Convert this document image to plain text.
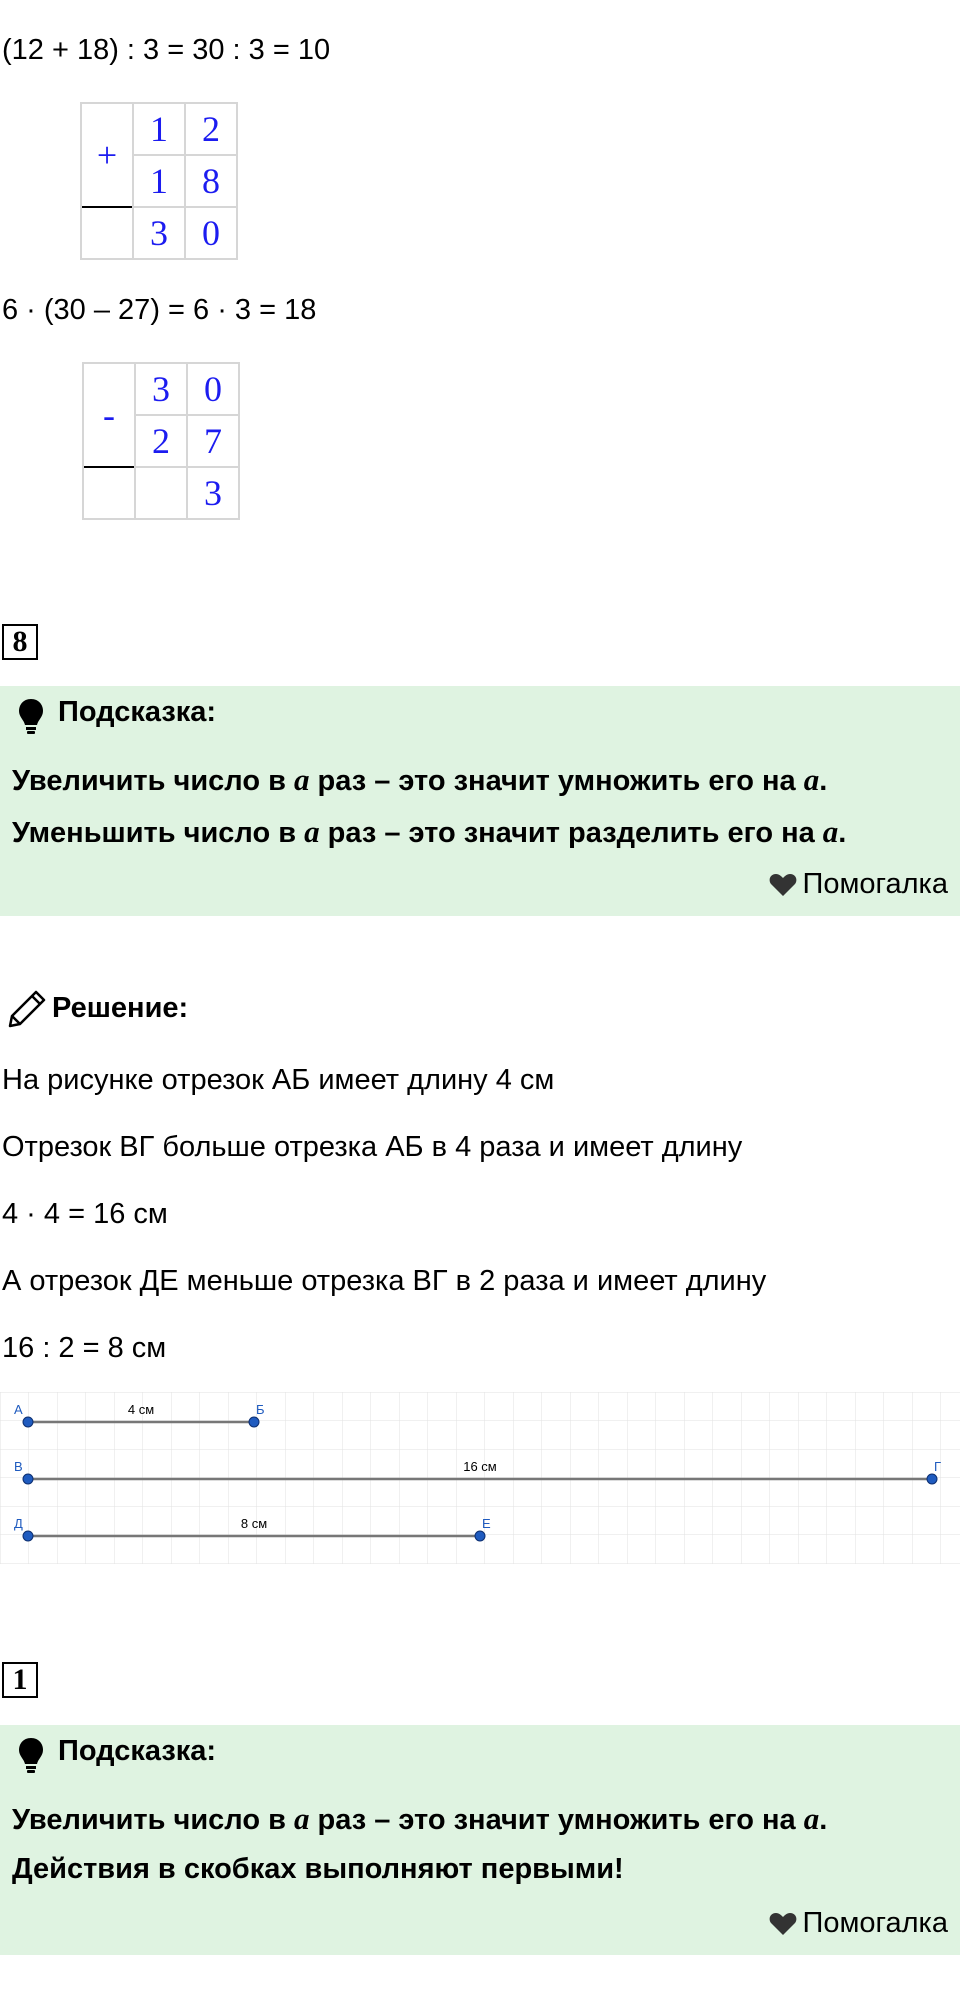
(12 + 18) : 3 = 30 : 3 = 10
+	1	2
	1	8
	3	0
6 · (30 – 27) = 6 · 3 = 18
-	3	0
	2	7
		3
8
Подсказка:
Увеличить число в a раз – это значит умножить его на a.
Уменьшить число в a раз – это значит разделить его на a.
Помогалка
Решение:
На рисунке отрезок АБ имеет длину 4 см
Отрезок ВГ больше отрезка АБ в 4 раза и имеет длину
4 · 4 = 16 см
А отрезок ДЕ меньше отрезка ВГ в 2 раза и имеет длину
16 : 2 = 8 см
А	Б
4 см
В	Г
16 см
Д	Е
8 см
1
Подсказка:
Увеличить число в a раз – это значит умножить его на a.
Действия в скобках выполняют первыми!
Помогалка
